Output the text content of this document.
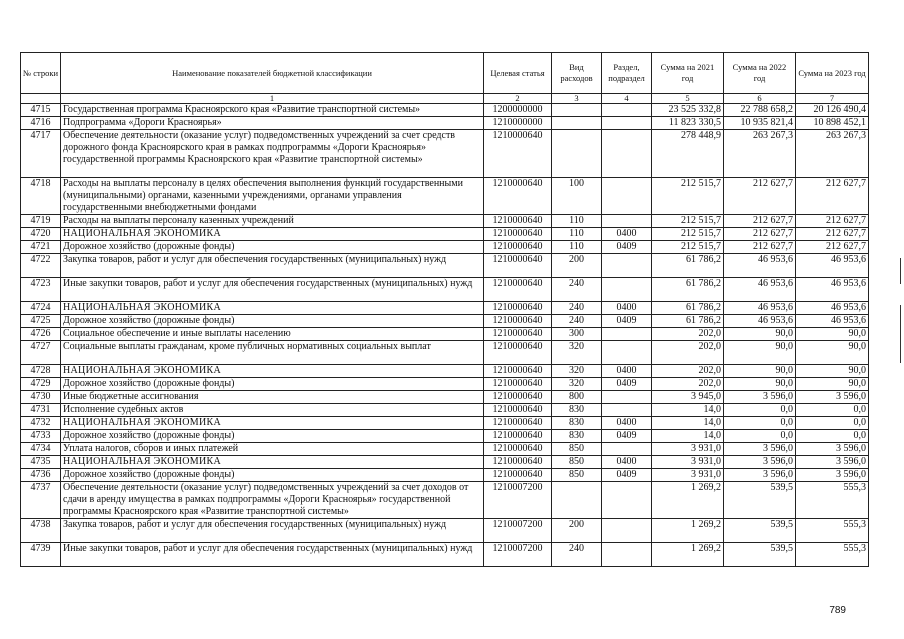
№ строки	Наименование показателей бюджетной классификации	Целевая статья	Вид расходов	Раздел, подраздел	Сумма на 2021 год	Сумма на 2022 год	Сумма на 2023 год
	1	2	3	4	5	6	7
4715	Государственная программа Красноярского края «Развитие транспортной системы»	1200000000			23 525 332,8	22 788 658,2	20 126 490,4
4716	Подпрограмма «Дороги Красноярья»	1210000000			11 823 330,5	10 935 821,4	10 898 452,1
4717	Обеспечение деятельности (оказание услуг) подведомственных учреждений за счет средств дорожного фонда Красноярского края в рамках подпрограммы «Дороги Красноярья» государственной программы Красноярского края «Развитие транспортной системы»	1210000640			278 448,9	263 267,3	263 267,3
4718	Расходы на выплаты персоналу в целях обеспечения выполнения функций государственными (муниципальными) органами, казенными учреждениями, органами управления государственными внебюджетными фондами	1210000640	100		212 515,7	212 627,7	212 627,7
4719	Расходы на выплаты персоналу казенных учреждений	1210000640	110		212 515,7	212 627,7	212 627,7
4720	НАЦИОНАЛЬНАЯ ЭКОНОМИКА	1210000640	110	0400	212 515,7	212 627,7	212 627,7
4721	Дорожное хозяйство (дорожные фонды)	1210000640	110	0409	212 515,7	212 627,7	212 627,7
4722	Закупка товаров, работ и услуг для обеспечения государственных (муниципальных) нужд	1210000640	200		61 786,2	46 953,6	46 953,6
4723	Иные закупки товаров, работ и услуг для обеспечения государственных (муниципальных) нужд	1210000640	240		61 786,2	46 953,6	46 953,6
4724	НАЦИОНАЛЬНАЯ ЭКОНОМИКА	1210000640	240	0400	61 786,2	46 953,6	46 953,6
4725	Дорожное хозяйство (дорожные фонды)	1210000640	240	0409	61 786,2	46 953,6	46 953,6
4726	Социальное обеспечение и иные выплаты населению	1210000640	300		202,0	90,0	90,0
4727	Социальные выплаты гражданам, кроме публичных нормативных социальных выплат	1210000640	320		202,0	90,0	90,0
4728	НАЦИОНАЛЬНАЯ ЭКОНОМИКА	1210000640	320	0400	202,0	90,0	90,0
4729	Дорожное хозяйство (дорожные фонды)	1210000640	320	0409	202,0	90,0	90,0
4730	Иные бюджетные ассигнования	1210000640	800		3 945,0	3 596,0	3 596,0
4731	Исполнение судебных актов	1210000640	830		14,0	0,0	0,0
4732	НАЦИОНАЛЬНАЯ ЭКОНОМИКА	1210000640	830	0400	14,0	0,0	0,0
4733	Дорожное хозяйство (дорожные фонды)	1210000640	830	0409	14,0	0,0	0,0
4734	Уплата налогов, сборов и иных платежей	1210000640	850		3 931,0	3 596,0	3 596,0
4735	НАЦИОНАЛЬНАЯ ЭКОНОМИКА	1210000640	850	0400	3 931,0	3 596,0	3 596,0
4736	Дорожное хозяйство (дорожные фонды)	1210000640	850	0409	3 931,0	3 596,0	3 596,0
4737	Обеспечение деятельности (оказание услуг) подведомственных учреждений за счет доходов от сдачи в аренду имущества в рамках подпрограммы «Дороги Красноярья» государственной программы Красноярского края «Развитие транспортной системы»	1210007200			1 269,2	539,5	555,3
4738	Закупка товаров, работ и услуг для обеспечения государственных (муниципальных) нужд	1210007200	200		1 269,2	539,5	555,3
4739	Иные закупки товаров, работ и услуг для обеспечения государственных (муниципальных) нужд	1210007200	240		1 269,2	539,5	555,3
789
